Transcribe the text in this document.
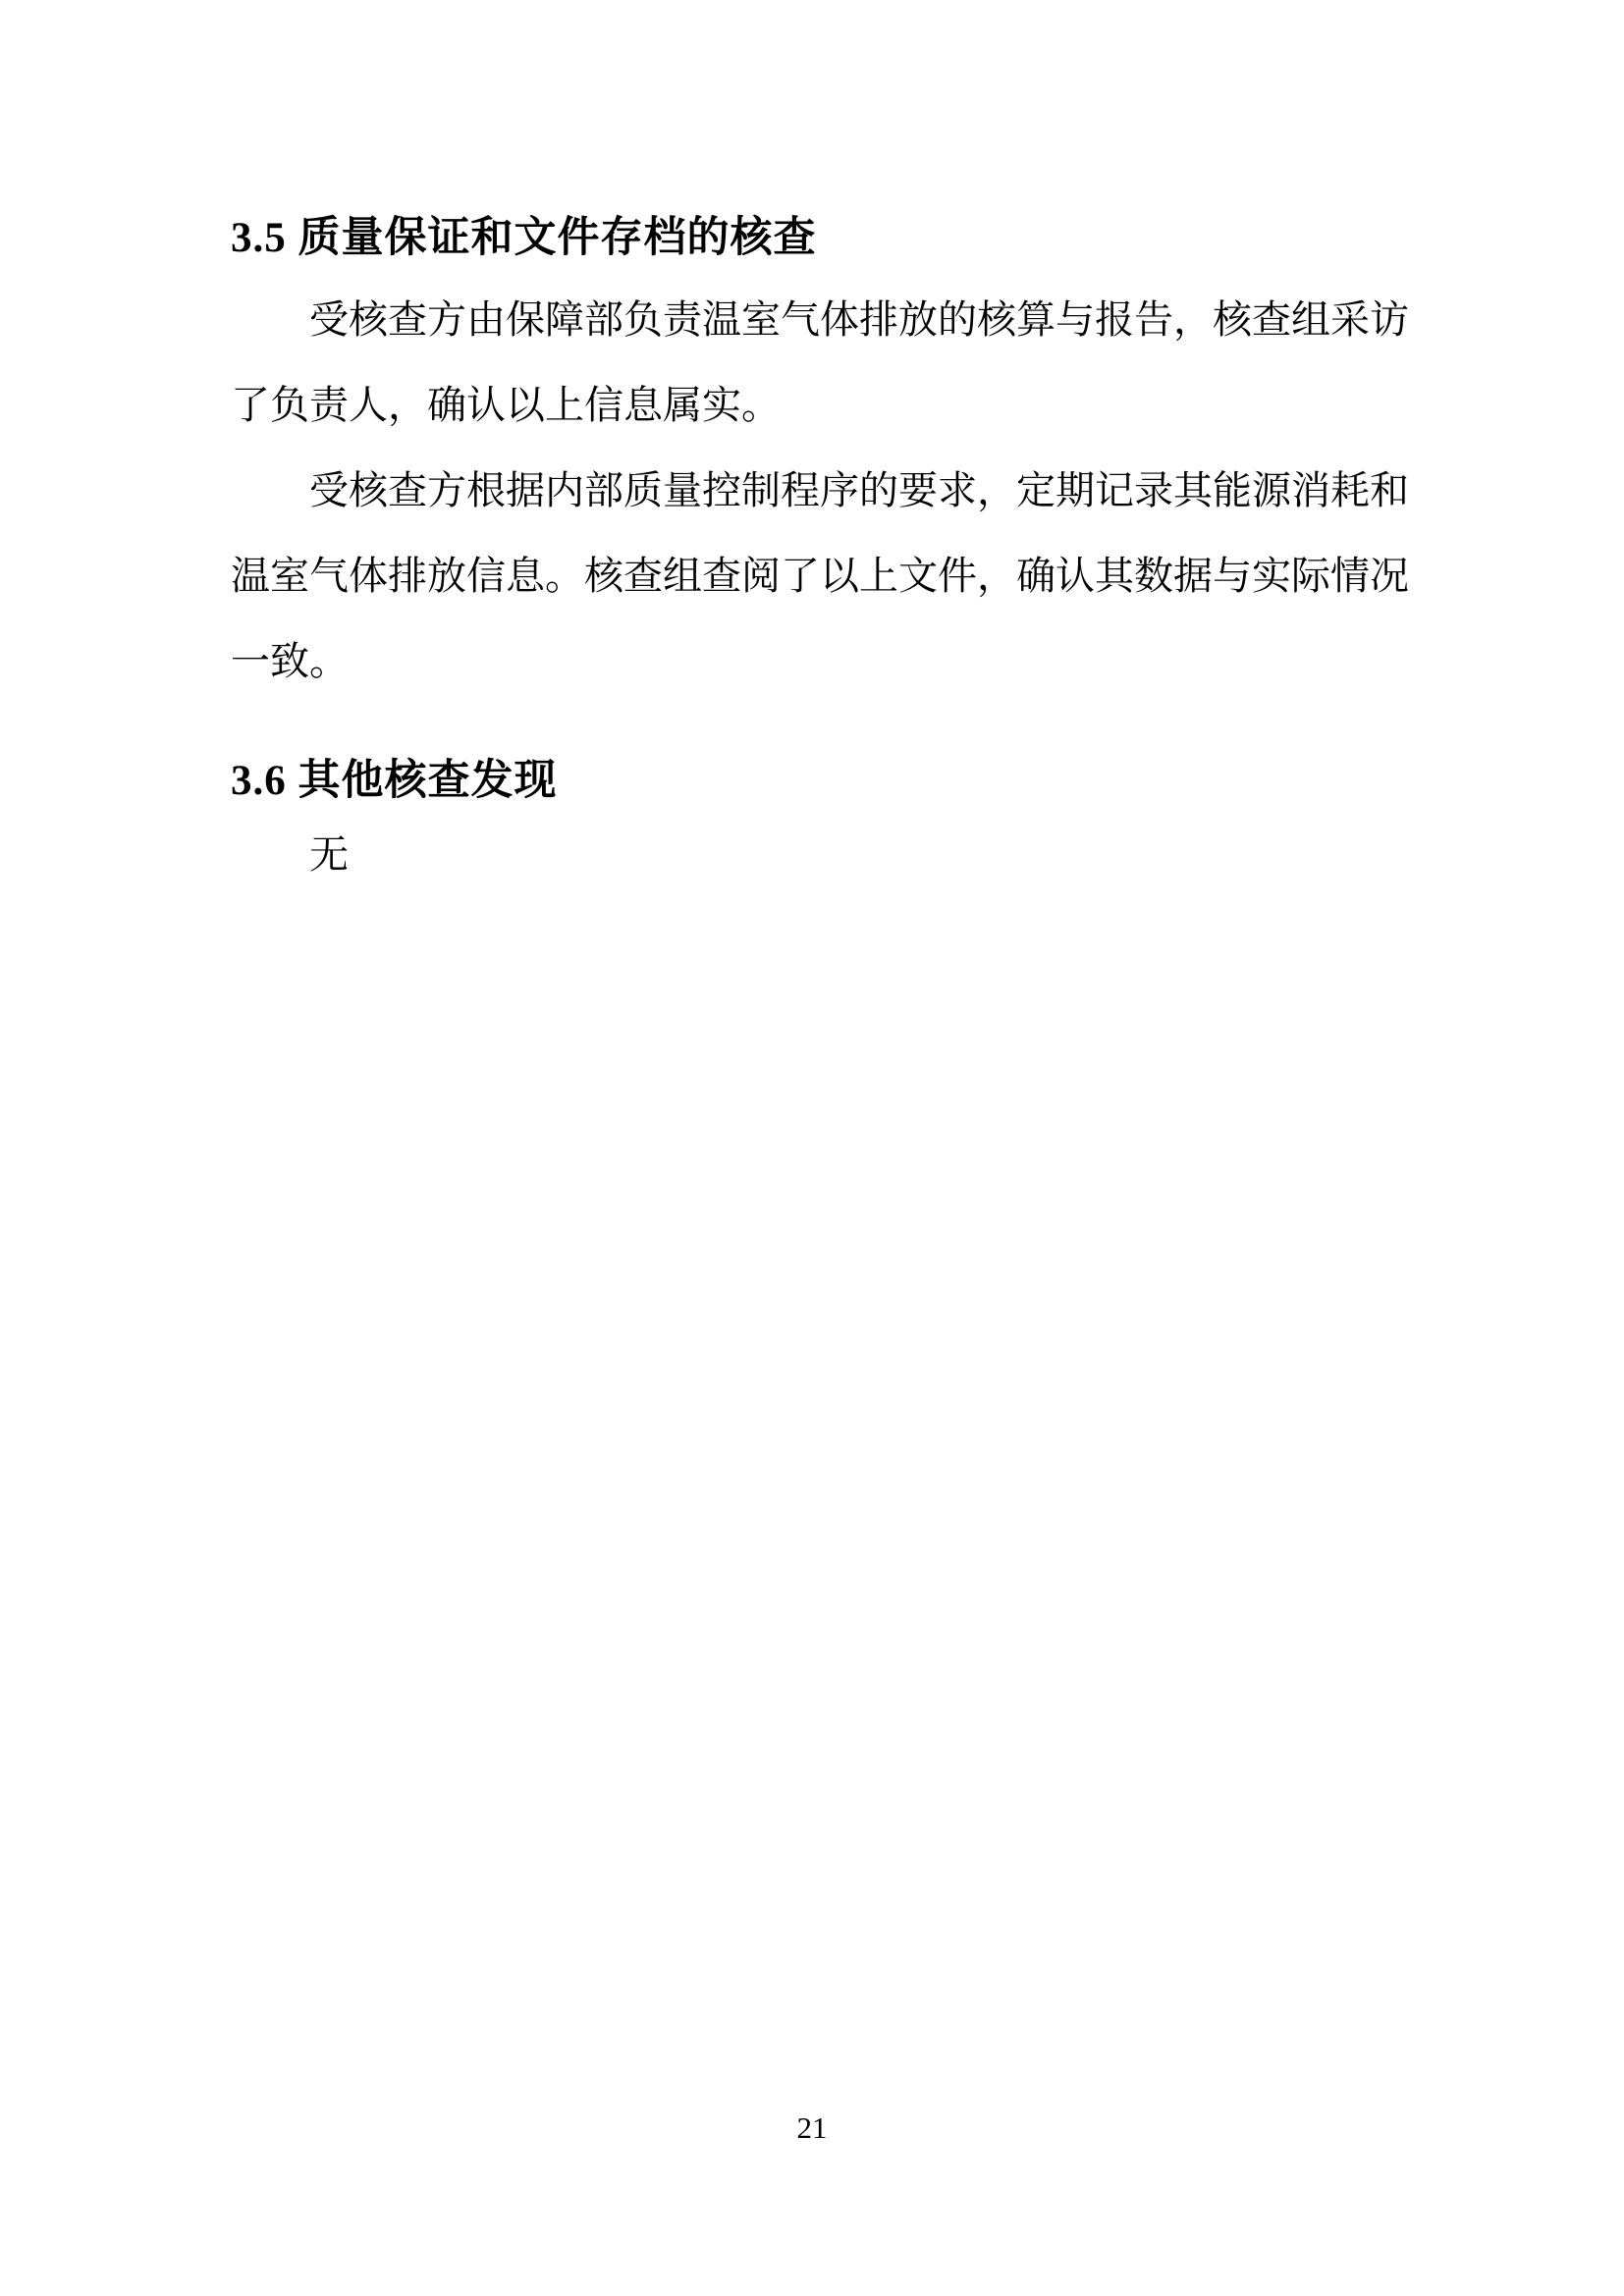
3.5 质量保证和文件存档的核查

受核查方由保障部负责温室气体排放的核算与报告，核查组采访了负责人，确认以上信息属实。

受核查方根据内部质量控制程序的要求，定期记录其能源消耗和温室气体排放信息。核查组查阅了以上文件，确认其数据与实际情况一致。

3.6 其他核查发现

无

21
